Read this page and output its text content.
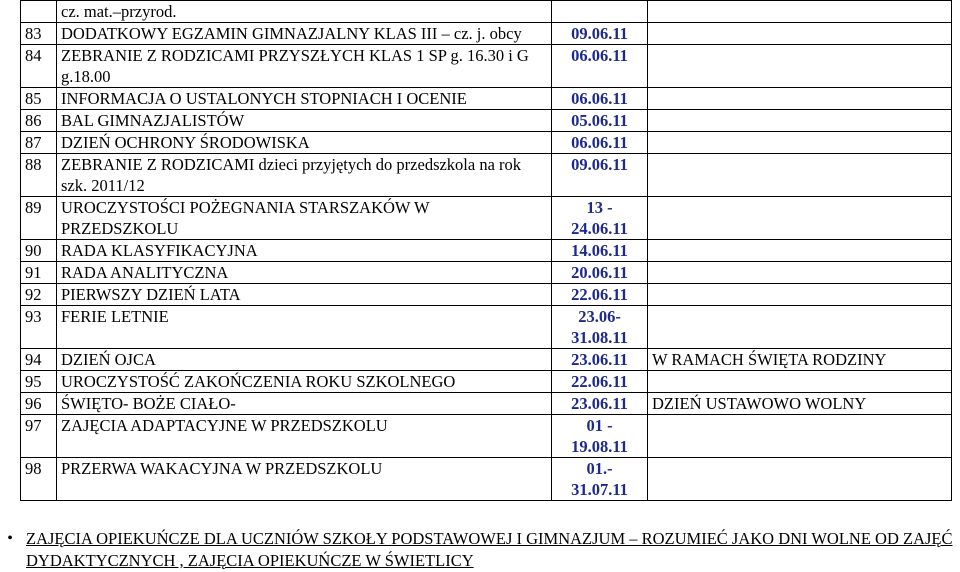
	cz. mat.–przyrod.		
83	DODATKOWY EGZAMIN GIMNAZJALNY KLAS III – cz. j. obcy	09.06.11	
84	ZEBRANIE Z RODZICAMI PRZYSZŁYCH KLAS 1 SP g. 16.30 i G g.18.00	06.06.11	
85	INFORMACJA O USTALONYCH STOPNIACH I OCENIE	06.06.11	
86	BAL GIMNAZJALISTÓW	05.06.11	
87	DZIEŃ OCHRONY ŚRODOWISKA	06.06.11	
88	ZEBRANIE Z RODZICAMI dzieci przyjętych do przedszkola na rok szk. 2011/12	09.06.11	
89	UROCZYSTOŚCI POŻEGNANIA STARSZAKÓW W PRZEDSZKOLU	13 - 24.06.11	
90	RADA KLASYFIKACYJNA	14.06.11	
91	RADA ANALITYCZNA	20.06.11	
92	PIERWSZY DZIEŃ LATA	22.06.11	
93	FERIE LETNIE	23.06-31.08.11	
94	DZIEŃ OJCA	23.06.11	W RAMACH ŚWIĘTA RODZINY
95	UROCZYSTOŚĆ ZAKOŃCZENIA ROKU SZKOLNEGO	22.06.11	
96	ŚWIĘTO- BOŻE CIAŁO-	23.06.11	DZIEŃ USTAWOWO WOLNY
97	ZAJĘCIA ADAPTACYJNE W PRZEDSZKOLU	01 - 19.08.11	
98	PRZERWA WAKACYJNA W PRZEDSZKOLU	01.- 31.07.11	
• ZAJĘCIA OPIEKUŃCZE DLA UCZNIÓW SZKOŁY PODSTAWOWEJ I GIMNAZJUM – ROZUMIEĆ JAKO DNI WOLNE OD ZAJĘĆ DYDAKTYCZNYCH , ZAJĘCIA OPIEKUŃCZE W ŚWIETLICY
